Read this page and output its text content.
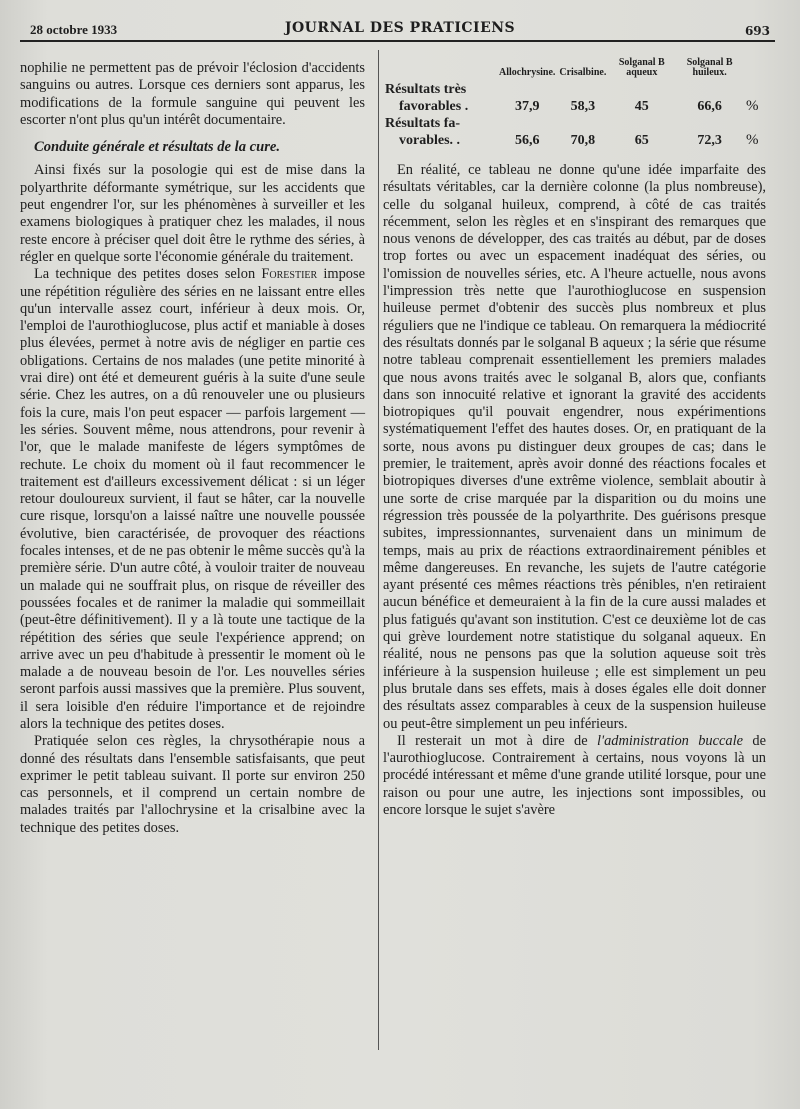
28 octobre 1933	JOURNAL DES PRATICIENS	693

nophilie ne permettent pas de prévoir l'éclosion d'accidents sanguins ou autres. Lorsque ces derniers sont apparus, les modifications de la formule sanguine qui peuvent les escorter n'ont plus qu'un intérêt documentaire.

Conduite générale et résultats de la cure.

Ainsi fixés sur la posologie qui est de mise dans la polyarthrite déformante symétrique, sur les accidents que peut engendrer l'or, sur les phénomènes à surveiller et les examens biologiques à pratiquer chez les malades, il nous reste encore à préciser quel doit être le rythme des séries, à régler en quelque sorte l'économie générale du traitement.

La technique des petites doses selon Forestier impose une répétition régulière des séries en ne laissant entre elles qu'un intervalle assez court, inférieur à deux mois. Or, l'emploi de l'aurothioglucose, plus actif et maniable à doses plus élevées, permet à notre avis de négliger en partie ces obligations. Certains de nos malades (une petite minorité à vrai dire) ont été et demeurent guéris à la suite d'une seule série. Chez les autres, on a dû renouveler une ou plusieurs fois la cure, mais l'on peut espacer — parfois largement — les séries. Souvent même, nous attendrons, pour revenir à l'or, que le malade manifeste de légers symptômes de rechute. Le choix du moment où il faut recommencer le traitement est d'ailleurs excessivement délicat : si un léger retour douloureux survient, il faut se hâter, car la nouvelle cure risque, lorsqu'on a laissé naître une nouvelle poussée évolutive, bien caractérisée, de provoquer des réactions focales intenses, et de ne pas obtenir le même succès qu'à la première série. D'un autre côté, à vouloir traiter de nouveau un malade qui ne souffrait plus, on risque de réveiller des poussées focales et de ranimer la maladie qui sommeillait (peut-être définitivement). Il y a là toute une tactique de la répétition des séries que seule l'expérience apprend; on arrive avec un peu d'habitude à pressentir le moment où le malade a de nouveau besoin de l'or. Les nouvelles séries seront parfois aussi massives que la première. Plus souvent, il sera loisible d'en réduire l'importance et de rejoindre alors la technique des petites doses.

Pratiquée selon ces règles, la chrysothérapie nous a donné des résultats dans l'ensemble satisfaisants, que peut exprimer le petit tableau suivant. Il porte sur environ 250 cas personnels, et il comprend un certain nombre de malades traités par l'allochrysine et la crisalbine avec la technique des petites doses.

	Allochrysine.	Crisalbine.	Solganal B aqueux	Solganal B huileux.	
Résultats très					
favorables .	37,9	58,3	45	66,6	%
Résultats fa-					
vorables. .	56,6	70,8	65	72,3	%

En réalité, ce tableau ne donne qu'une idée imparfaite des résultats véritables, car la dernière colonne (la plus nombreuse), celle du solganal huileux, comprend, à côté de cas traités récemment, selon les règles et en s'inspirant des remarques que nous venons de développer, des cas traités au début, par de doses trop fortes ou avec un espacement inadéquat des séries, ou l'omission de nouvelles séries, etc. A l'heure actuelle, nous avons l'impression très nette que l'aurothioglucose en suspension huileuse permet d'obtenir des succès plus nombreux et plus réguliers que ne l'indique ce tableau. On remarquera la médiocrité des résultats donnés par le solganal B aqueux ; la série que résume notre tableau comprenait essentiellement les premiers malades que nous avons traités avec le solganal B, alors que, confiants dans son innocuité relative et ignorant la gravité des accidents biotropiques qu'il pouvait engendrer, nous expérimentions systématiquement l'effet des hautes doses. Or, en pratiquant de la sorte, nous avons pu distinguer deux groupes de cas; dans le premier, le traitement, après avoir donné des réactions focales et biotropiques diverses d'une extrême violence, semblait aboutir à une sorte de crise marquée par la disparition ou du moins une régression très poussée de la polyarthrite. Des guérisons presque subites, impressionnantes, survenaient dans un minimum de temps, mais au prix de réactions extraordinairement pénibles et même dangereuses. En revanche, les sujets de l'autre catégorie ayant présenté ces mêmes réactions très pénibles, n'en retiraient aucun bénéfice et demeuraient à la fin de la cure aussi malades et plus fatigués qu'avant son institution. C'est ce deuxième lot de cas qui grève lourdement notre statistique du solganal aqueux. En réalité, nous ne pensons pas que la solution aqueuse soit très inférieure à la suspension huileuse ; elle est simplement un peu plus brutale dans ses effets, mais à doses égales elle doit donner des résultats assez comparables à ceux de la suspension huileuse ou peut-être simplement un peu inférieurs.

Il resterait un mot à dire de l'administration buccale de l'aurothioglucose. Contrairement à certains, nous voyons là un procédé intéressant et même d'une grande utilité lorsque, pour une raison ou pour une autre, les injections sont impossibles, ou encore lorsque le sujet s'avère
